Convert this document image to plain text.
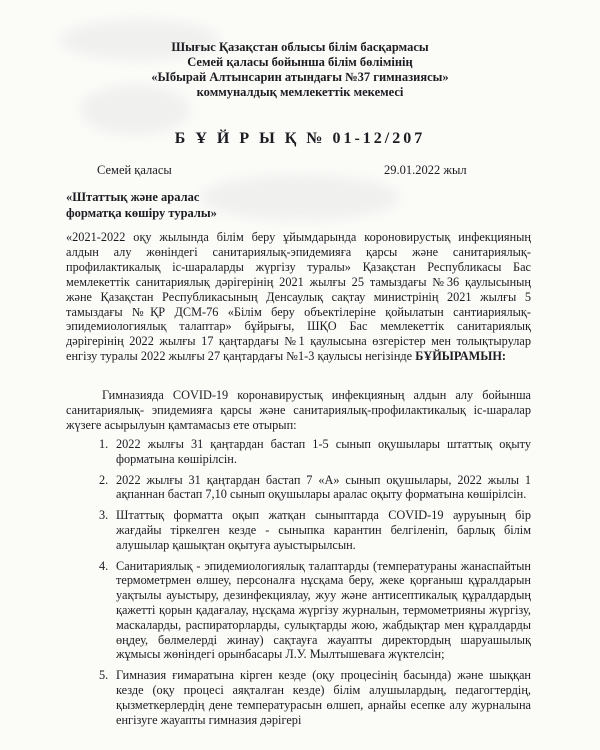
Шығыс Қазақстан облысы білім басқармасы
Семей қаласы бойынша білім бөлімінің
«Ыбырай Алтынсарин атындағы №37 гимназиясы»
коммуналдық мемлекеттік мекемесі
Б Ұ Й Р Ы Қ № 01-12/207
Семей қаласы	29.01.2022 жыл
«Штаттық және аралас
форматқа көшіру туралы»
«2021-2022 оқу жылында білім беру ұйымдарында короновирустық инфекцияның алдын алу жөніндегі санитариялық-эпидемияға қарсы және санитариялық-профилактикалық іс-шараларды жүргізу туралы» Қазақстан Республикасы Бас мемлекеттік санитариялық дәрігерінің 2021 жылғы 25 тамыздағы №36 қаулысының және Қазақстан Республикасының Денсаулық сақтау министрінің 2021 жылғы 5 тамыздағы №ҚР ДСМ-76 «Білім беру объектілеріне қойылатын сантиариялық-эпидемиологиялық талаптар» бұйрығы, ШҚО Бас мемлекеттік санитариялық дәрігерінің 2022 жылғы 17 қаңтардағы №1 қаулысына өзгерістер мен толықтырулар енгізу туралы 2022 жылғы 27 қаңтардағы №1-3 қаулысы негізінде БҰЙЫРАМЫН:
Гимназияда COVID-19 коронавирустық инфекцияның алдын алу бойынша санитариялық- эпидемияға қарсы және санитариялық-профилактикалық іс-шаралар жүзеге асырылуын қамтамасыз ете отырып:
1. 2022 жылғы 31 қаңтардан бастап 1-5 сынып оқушылары штаттық оқыту форматына көшірілсін.
2. 2022 жылғы 31 қаңтардан бастап 7 «А» сынып оқушылары, 2022 жылы 1 ақпаннан бастап 7,10 сынып оқушылары аралас оқыту форматына көшірілсін.
3. Штаттық форматта оқып жатқан сыныптарда COVID-19 ауруының бір жағдайы тіркелген кезде - сыныпка карантин белгіленіп, барлық білім алушылар қашықтан оқытуға ауыстырылсын.
4. Санитариялық - эпидемиологиялық талаптарды (температураны жанаспайтын термометрмен өлшеу, персоналға нұсқама беру, жеке қорғаныш құралдарын уақтылы ауыстыру, дезинфекциялау, жуу және антисептикалық құралдардың қажетті қорын қадағалау, нұсқама жүргізу журналын, термометрияны жүргізу, маскаларды, распираторларды, сулықтарды жою, жабдықтар мен құралдарды өңдеу, бөлмелерді жинау) сақтауға жауапты директордың шаруашылық жұмысы жөніндегі орынбасары Л.У. Мылтышеваға жүктелсін;
5. Гимназия ғимаратына кірген кезде (оқу процесінің басында) және шыққан кезде (оқу процесі аяқталған кезде) білім алушылардың, педагогтердің, қызметкерлердің дене температурасын өлшеп, арнайы есепке алу журналына енгізуге жауапты гимназия дәрігері
